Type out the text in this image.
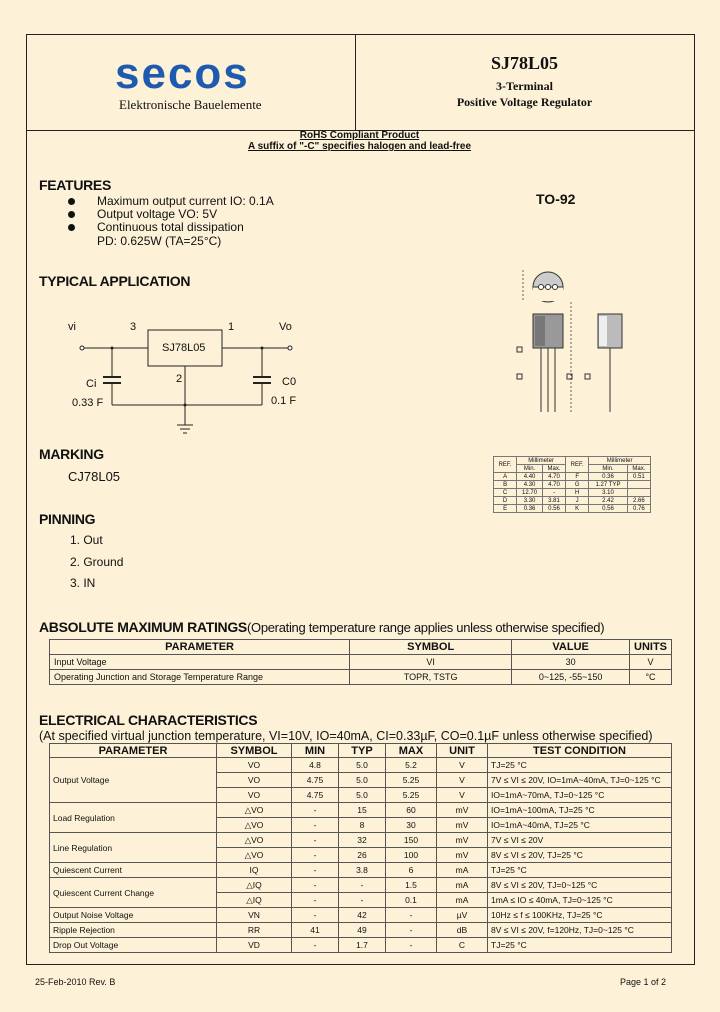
secos
Elektronische Bauelemente
SJ78L05
3-Terminal
Positive Voltage Regulator
RoHS Compliant Product
A suffix of "-C" specifies halogen and lead-free
FEATURES
Maximum output current IO: 0.1A
Output voltage VO: 5V
Continuous total dissipation
PD: 0.625W (TA=25°C)
TO-92
TYPICAL APPLICATION
vi	3	1	Vo
SJ78L05
2
Ci
0.33 F
C0
0.1 F
REF.	Millimeter		REF.	Millimeter	
	Min.	Max.		Min.	Max.
A	4.40	4.70	F	0.36	0.51
B	4.30	4.70	G	1.27 TYP	
C	12.70	-	H	3.10	
D	3.30	3.81	J	2.42	2.66
E	0.36	0.56	K	0.56	0.76
MARKING
CJ78L05
PINNING
1. Out
2. Ground
3. IN
ABSOLUTE MAXIMUM RATINGS(Operating temperature range applies unless otherwise specified)
PARAMETER	SYMBOL	VALUE	UNITS
Input Voltage	VI	30	V
Operating Junction and Storage Temperature Range	TOPR, TSTG	0~125, -55~150	°C
ELECTRICAL CHARACTERISTICS
(At specified virtual junction temperature, VI=10V, IO=40mA, CI=0.33µF, CO=0.1µF unless otherwise specified)
PARAMETER	SYMBOL	MIN	TYP	MAX	UNIT	TEST CONDITION
Output Voltage	VO	4.8	5.0	5.2	V	TJ=25 °C
	VO	4.75	5.0	5.25	V	7V ≤ VI ≤ 20V, IO=1mA~40mA, TJ=0~125 °C
	VO	4.75	5.0	5.25	V	IO=1mA~70mA, TJ=0~125 °C
Load Regulation	△VO	-	15	60	mV	IO=1mA~100mA, TJ=25 °C
	△VO	-	8	30	mV	IO=1mA~40mA, TJ=25 °C
Line Regulation	△VO	-	32	150	mV	7V ≤ VI ≤ 20V
	△VO	-	26	100	mV	8V ≤ VI ≤ 20V, TJ=25 °C
Quiescent Current	IQ	-	3.8	6	mA	TJ=25 °C
Quiescent Current Change	△IQ	-	-	1.5	mA	8V ≤ VI ≤ 20V, TJ=0~125 °C
	△IQ	-	-	0.1	mA	1mA ≤ IO ≤ 40mA, TJ=0~125 °C
Output Noise Voltage	VN	-	42	-	µV	10Hz ≤ f ≤ 100KHz, TJ=25 °C
Ripple Rejection	RR	41	49	-	dB	8V ≤ VI ≤ 20V, f=120Hz, TJ=0~125 °C
Drop Out Voltage	VD	-	1.7	-	C	TJ=25 °C
25-Feb-2010 Rev. B	Page 1 of 2
